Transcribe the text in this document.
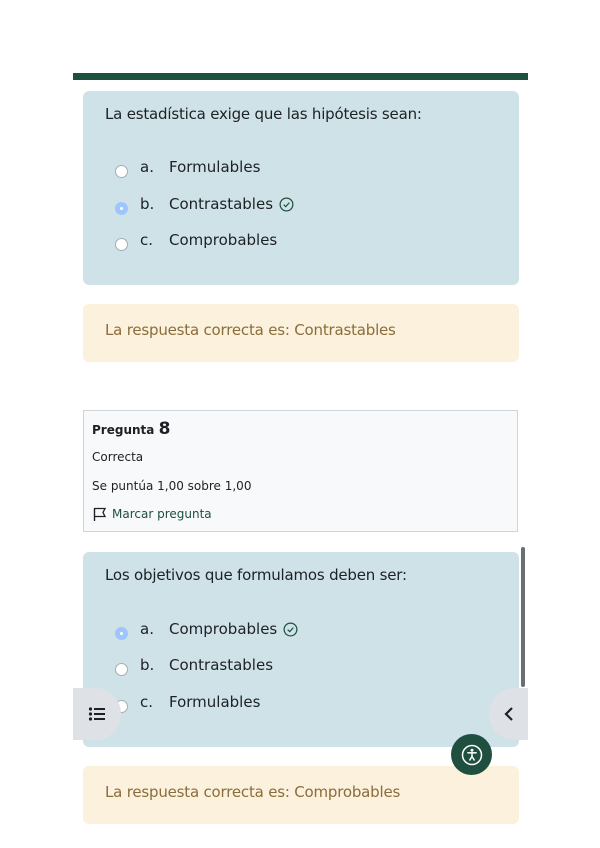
La estadística exige que las hipótesis sean:
a.	Formulables
b. Contrastables
c.	Comprobables
La respuesta correcta es: Contrastables
Pregunta 8
Correcta
Se puntúa 1,00 sobre 1,00
Marcar pregunta
Los objetivos que formulamos deben ser:
a.	Comprobables
b. Contrastables
c.	Formulables
La respuesta correcta es: Comprobables
